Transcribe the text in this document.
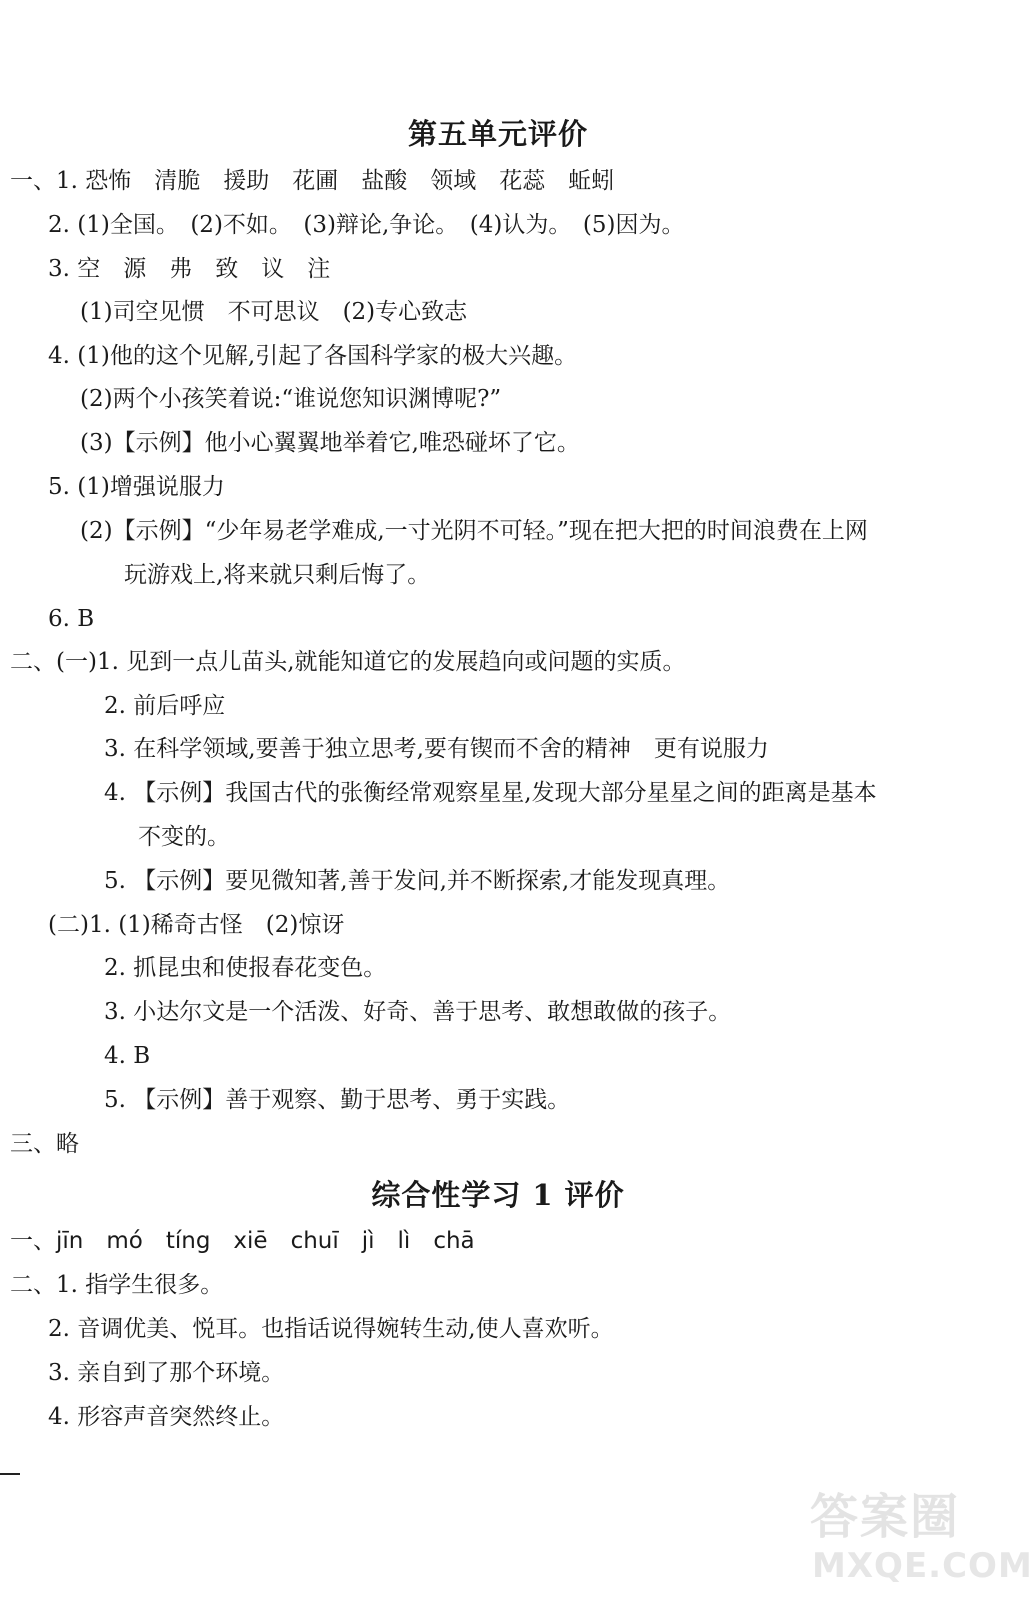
第五单元评价
一、1. 恐怖　清脆　援助　花圃　盐酸　领域　花蕊　蚯蚓
2. (1)全国。　(2)不如。　(3)辩论,争论。　(4)认为。　(5)因为。
3. 空　源　弗　致　议　注
(1)司空见惯　不可思议　(2)专心致志
4. (1)他的这个见解,引起了各国科学家的极大兴趣。
(2)两个小孩笑着说:“谁说您知识渊博呢?”
(3)【示例】他小心翼翼地举着它,唯恐碰坏了它。
5. (1)增强说服力
(2)【示例】“少年易老学难成,一寸光阴不可轻。”现在把大把的时间浪费在上网
玩游戏上,将来就只剩后悔了。
6. B
二、(一)1. 见到一点儿苗头,就能知道它的发展趋向或问题的实质。
2. 前后呼应
3. 在科学领域,要善于独立思考,要有锲而不舍的精神　更有说服力
4. 【示例】我国古代的张衡经常观察星星,发现大部分星星之间的距离是基本
不变的。
5. 【示例】要见微知著,善于发问,并不断探索,才能发现真理。
(二)1. (1)稀奇古怪　(2)惊讶
2. 抓昆虫和使报春花变色。
3. 小达尔文是一个活泼、好奇、善于思考、敢想敢做的孩子。
4. B
5. 【示例】善于观察、勤于思考、勇于实践。
三、略
综合性学习 1 评价
一、jīn　mó　tíng　xiē　chuī　jì　lì　chā
二、1. 指学生很多。
2. 音调优美、悦耳。也指话说得婉转生动,使人喜欢听。
3. 亲自到了那个环境。
4. 形容声音突然终止。
答案圈
MXQE.COM
